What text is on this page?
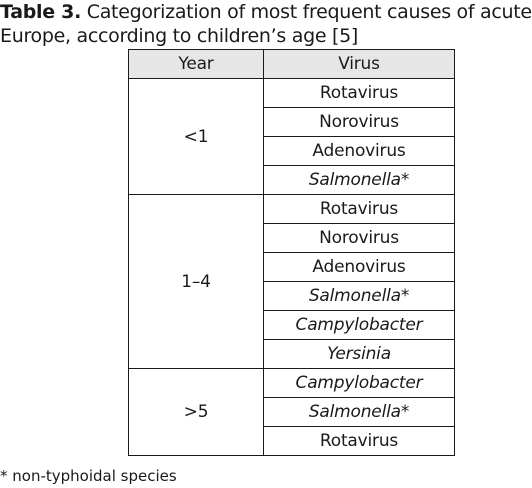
Table 3. Categorization of most frequent causes of acute
Europe, according to children’s age [5]
Year	Virus
<1	Rotavirus
	Norovirus
	Adenovirus
	Salmonella*
1–4	Rotavirus
	Norovirus
	Adenovirus
	Salmonella*
	Campylobacter
	Yersinia
>5	Campylobacter
	Salmonella*
	Rotavirus
* non-typhoidal species
